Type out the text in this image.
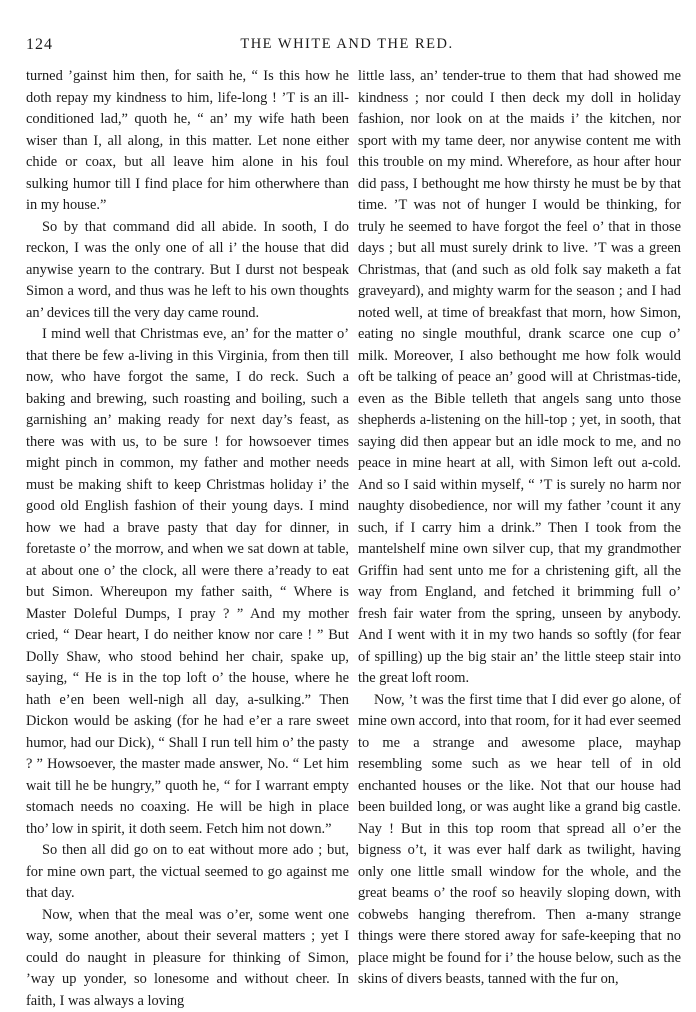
124	THE WHITE AND THE RED.

turned ’gainst him then, for saith he, “ Is this how he doth repay my kindness to him, life-long ! ’T is an ill-conditioned lad,” quoth he, “ an’ my wife hath been wiser than I, all along, in this matter. Let none either chide or coax, but all leave him alone in his foul sulking humor till I find place for him otherwhere than in my house.”

So by that command did all abide. In sooth, I do reckon, I was the only one of all i’ the house that did anywise yearn to the contrary. But I durst not bespeak Simon a word, and thus was he left to his own thoughts an’ devices till the very day came round.

I mind well that Christmas eve, an’ for the matter o’ that there be few a-living in this Virginia, from then till now, who have forgot the same, I do reck. Such a baking and brewing, such roasting and boiling, such a garnishing an’ making ready for next day’s feast, as there was with us, to be sure ! for howsoever times might pinch in common, my father and mother needs must be making shift to keep Christmas holiday i’ the good old English fashion of their young days. I mind how we had a brave pasty that day for dinner, in foretaste o’ the morrow, and when we sat down at table, at about one o’ the clock, all were there a’ready to eat but Simon. Whereupon my father saith, “ Where is Master Doleful Dumps, I pray ? ” And my mother cried, “ Dear heart, I do neither know nor care ! ” But Dolly Shaw, who stood behind her chair, spake up, saying, “ He is in the top loft o’ the house, where he hath e’en been well-nigh all day, a-sulking.” Then Dickon would be asking (for he had e’er a rare sweet humor, had our Dick), “ Shall I run tell him o’ the pasty ? ” Howsoever, the master made answer, No. “ Let him wait till he be hungry,” quoth he, “ for I warrant empty stomach needs no coaxing. He will be high in place tho’ low in spirit, it doth seem. Fetch him not down.”

So then all did go on to eat without more ado ; but, for mine own part, the victual seemed to go against me that day.

Now, when that the meal was o’er, some went one way, some another, about their several matters ; yet I could do naught in pleasure for thinking of Simon, ’way up yonder, so lonesome and without cheer. In faith, I was always a loving

little lass, an’ tender-true to them that had showed me kindness ; nor could I then deck my doll in holiday fashion, nor look on at the maids i’ the kitchen, nor sport with my tame deer, nor anywise content me with this trouble on my mind. Wherefore, as hour after hour did pass, I bethought me how thirsty he must be by that time. ’T was not of hunger I would be thinking, for truly he seemed to have forgot the feel o’ that in those days ; but all must surely drink to live. ’T was a green Christmas, that (and such as old folk say maketh a fat graveyard), and mighty warm for the season ; and I had noted well, at time of breakfast that morn, how Simon, eating no single mouthful, drank scarce one cup o’ milk. Moreover, I also bethought me how folk would oft be talking of peace an’ good will at Christmas-tide, even as the Bible telleth that angels sang unto those shepherds a-listening on the hill-top ; yet, in sooth, that saying did then appear but an idle mock to me, and no peace in mine heart at all, with Simon left out a-cold. And so I said within myself, “ ’T is surely no harm nor naughty disobedience, nor will my father ’count it any such, if I carry him a drink.” Then I took from the mantelshelf mine own silver cup, that my grandmother Griffin had sent unto me for a christening gift, all the way from England, and fetched it brimming full o’ fresh fair water from the spring, unseen by anybody. And I went with it in my two hands so softly (for fear of spilling) up the big stair an’ the little steep stair into the great loft room.

Now, ’t was the first time that I did ever go alone, of mine own accord, into that room, for it had ever seemed to me a strange and awesome place, mayhap resembling some such as we hear tell of in old enchanted houses or the like. Not that our house had been builded long, or was aught like a grand big castle. Nay ! But in this top room that spread all o’er the bigness o’t, it was ever half dark as twilight, having only one little small window for the whole, and the great beams o’ the roof so heavily sloping down, with cobwebs hanging therefrom. Then a-many strange things were there stored away for safe-keeping that no place might be found for i’ the house below, such as the skins of divers beasts, tanned with the fur on,
